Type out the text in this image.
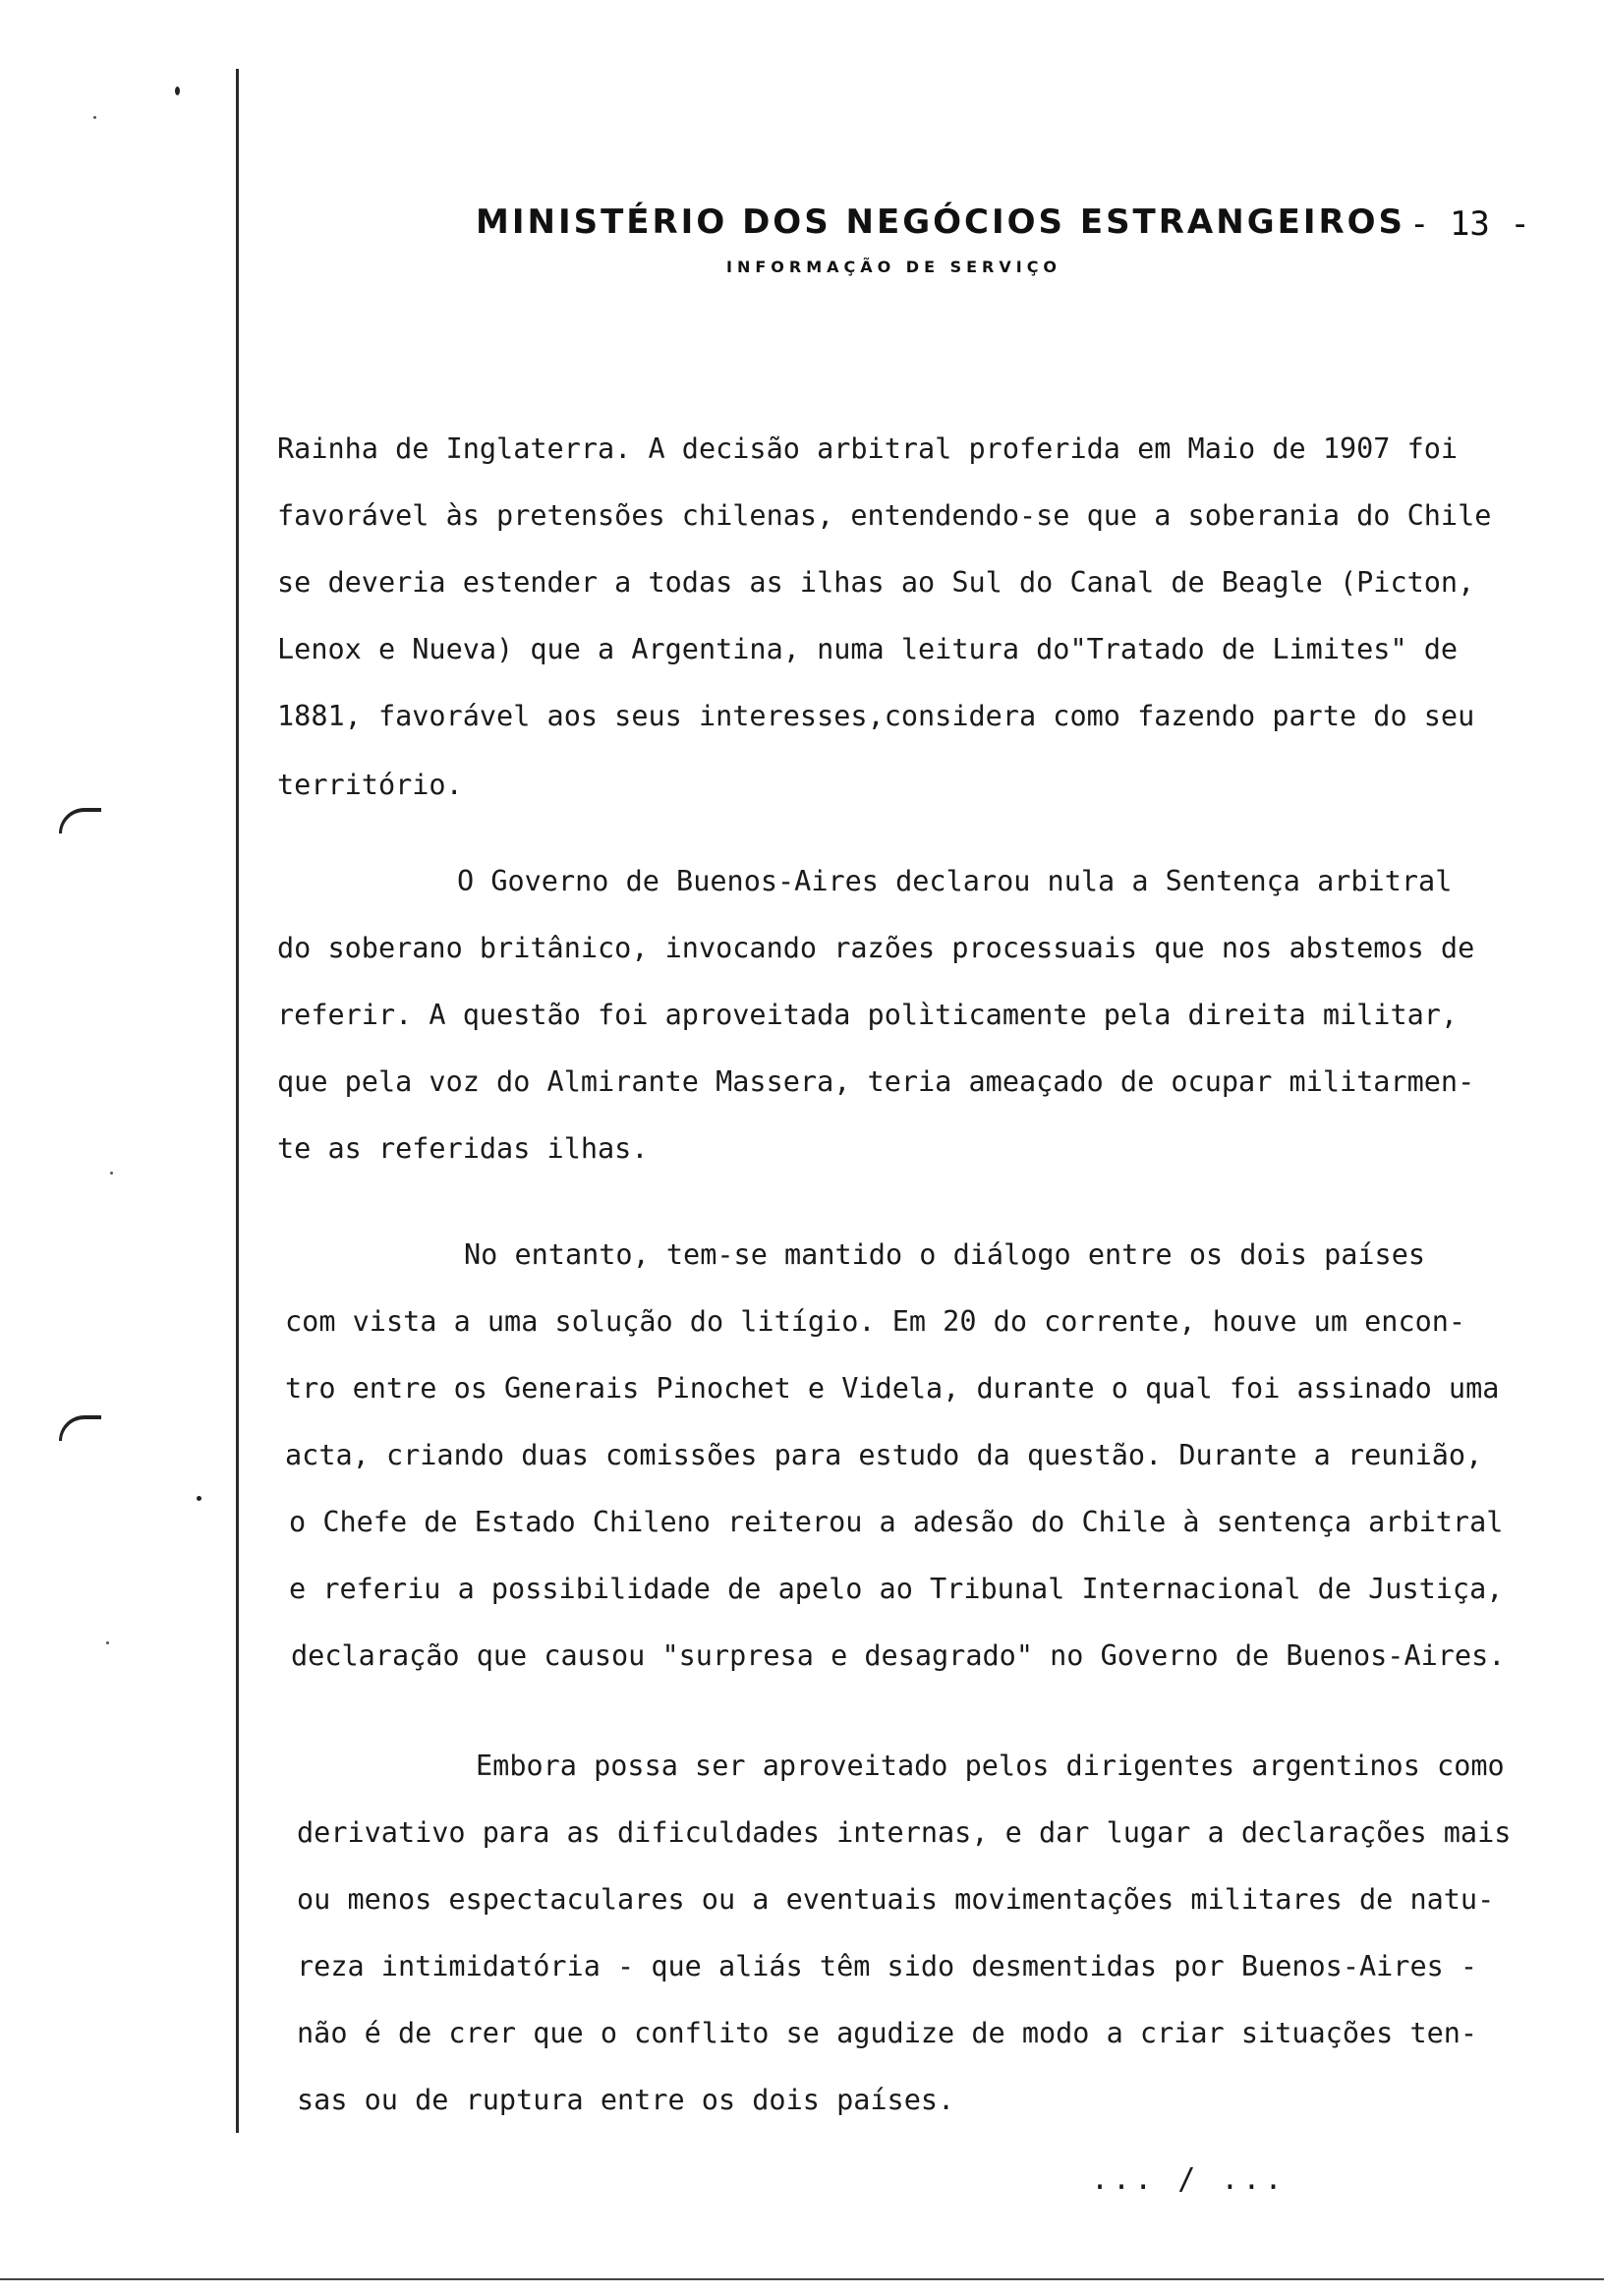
MINISTÉRIO DOS NEGÓCIOS ESTRANGEIROS - 13 -
INFORMAÇÃO DE SERVIÇO
Rainha de Inglaterra. A decisão arbitral proferida em Maio de 1907 foi
favorável às pretensões chilenas, entendendo-se que a soberania do Chile
se deveria estender a todas as ilhas ao Sul do Canal de Beagle (Picton,
Lenox e Nueva) que a Argentina, numa leitura do"Tratado de Limites" de
1881, favorável aos seus interesses,considera como fazendo parte do seu
território.
O Governo de Buenos-Aires declarou nula a Sentença arbitral
do soberano britânico, invocando razões processuais que nos abstemos de
referir. A questão foi aproveitada polìticamente pela direita militar,
que pela voz do Almirante Massera, teria ameaçado de ocupar militarmen-
te as referidas ilhas.
No entanto, tem-se mantido o diálogo entre os dois países
com vista a uma solução do litígio. Em 20 do corrente, houve um encon-
tro entre os Generais Pinochet e Videla, durante o qual foi assinado uma
acta, criando duas comissões para estudo da questão. Durante a reunião,
o Chefe de Estado Chileno reiterou a adesão do Chile à sentença arbitral
e referiu a possibilidade de apelo ao Tribunal Internacional de Justiça,
declaração que causou "surpresa e desagrado" no Governo de Buenos-Aires.
Embora possa ser aproveitado pelos dirigentes argentinos como
derivativo para as dificuldades internas, e dar lugar a declarações mais
ou menos espectaculares ou a eventuais movimentações militares de natu-
reza intimidatória - que aliás têm sido desmentidas por Buenos-Aires -
não é de crer que o conflito se agudize de modo a criar situações ten-
sas ou de ruptura entre os dois países.
... / ...
